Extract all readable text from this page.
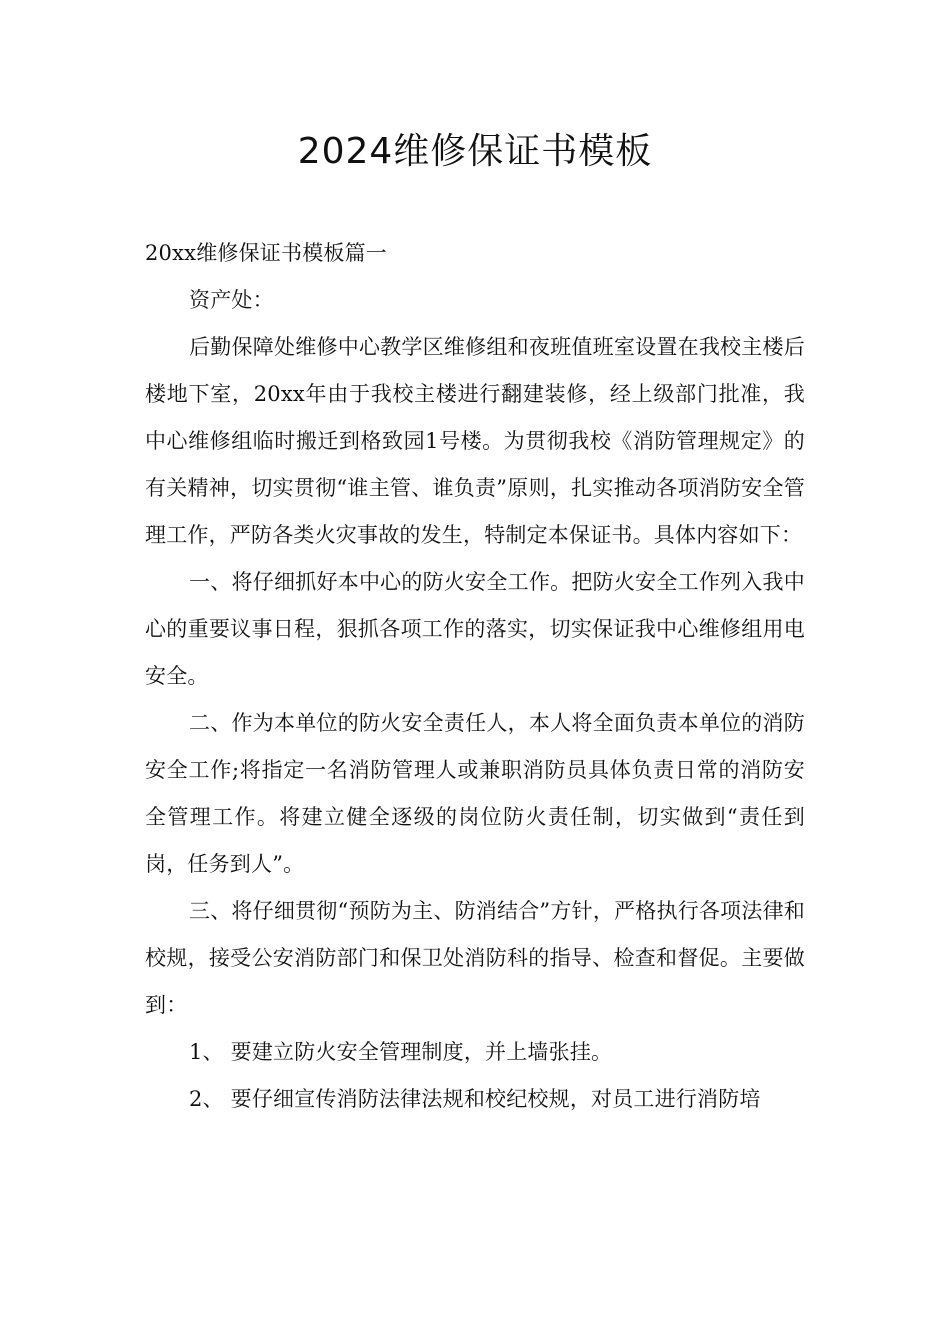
2024维修保证书模板

20xx维修保证书模板篇一

资产处：

后勤保障处维修中心教学区维修组和夜班值班室设置在我校主楼后楼地下室，20xx年由于我校主楼进行翻建装修，经上级部门批准，我中心维修组临时搬迁到格致园1号楼。为贯彻我校《消防管理规定》的有关精神，切实贯彻“谁主管、谁负责”原则，扎实推动各项消防安全管理工作，严防各类火灾事故的发生，特制定本保证书。具体内容如下：

一、将仔细抓好本中心的防火安全工作。把防火安全工作列入我中心的重要议事日程，狠抓各项工作的落实，切实保证我中心维修组用电安全。

二、作为本单位的防火安全责任人，本人将全面负责本单位的消防安全工作;将指定一名消防管理人或兼职消防员具体负责日常的消防安全管理工作。将建立健全逐级的岗位防火责任制，切实做到“责任到岗，任务到人”。

三、将仔细贯彻“预防为主、防消结合”方针，严格执行各项法律和校规，接受公安消防部门和保卫处消防科的指导、检查和督促。主要做到：

1、 要建立防火安全管理制度，并上墙张挂。

2、 要仔细宣传消防法律法规和校纪校规，对员工进行消防培
